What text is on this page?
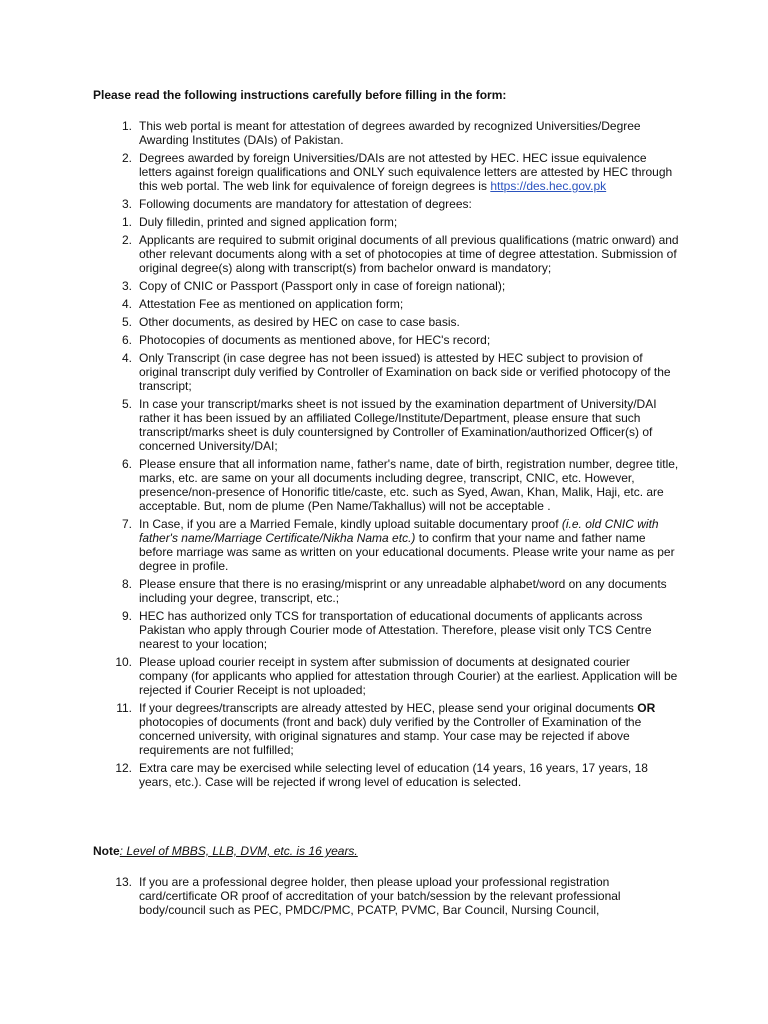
Please read the following instructions carefully before filling in the form:

1. This web portal is meant for attestation of degrees awarded by recognized Universities/Degree Awarding Institutes (DAIs) of Pakistan.
2. Degrees awarded by foreign Universities/DAIs are not attested by HEC. HEC issue equivalence letters against foreign qualifications and ONLY such equivalence letters are attested by HEC through this web portal. The web link for equivalence of foreign degrees is https://des.hec.gov.pk
3. Following documents are mandatory for attestation of degrees:
1. Duly filledin, printed and signed application form;
2. Applicants are required to submit original documents of all previous qualifications (matric onward) and other relevant documents along with a set of photocopies at time of degree attestation. Submission of original degree(s) along with transcript(s) from bachelor onward is mandatory;
3. Copy of CNIC or Passport (Passport only in case of foreign national);
4. Attestation Fee as mentioned on application form;
5. Other documents, as desired by HEC on case to case basis.
6. Photocopies of documents as mentioned above, for HEC's record;
4. Only Transcript (in case degree has not been issued) is attested by HEC subject to provision of original transcript duly verified by Controller of Examination on back side or verified photocopy of the transcript;
5. In case your transcript/marks sheet is not issued by the examination department of University/DAI rather it has been issued by an affiliated College/Institute/Department, please ensure that such transcript/marks sheet is duly countersigned by Controller of Examination/authorized Officer(s) of concerned University/DAI;
6. Please ensure that all information name, father's name, date of birth, registration number, degree title, marks, etc. are same on your all documents including degree, transcript, CNIC, etc. However, presence/non-presence of Honorific title/caste, etc. such as Syed, Awan, Khan, Malik, Haji, etc. are acceptable. But, nom de plume (Pen Name/Takhallus) will not be acceptable .
7. In Case, if you are a Married Female, kindly upload suitable documentary proof (i.e. old CNIC with father's name/Marriage Certificate/Nikha Nama etc.) to confirm that your name and father name before marriage was same as written on your educational documents. Please write your name as per degree in profile.
8. Please ensure that there is no erasing/misprint or any unreadable alphabet/word on any documents including your degree, transcript, etc.;
9. HEC has authorized only TCS for transportation of educational documents of applicants across Pakistan who apply through Courier mode of Attestation. Therefore, please visit only TCS Centre nearest to your location;
10. Please upload courier receipt in system after submission of documents at designated courier company (for applicants who applied for attestation through Courier) at the earliest. Application will be rejected if Courier Receipt is not uploaded;
11. If your degrees/transcripts are already attested by HEC, please send your original documents OR photocopies of documents (front and back) duly verified by the Controller of Examination of the concerned university, with original signatures and stamp. Your case may be rejected if above requirements are not fulfilled;
12. Extra care may be exercised while selecting level of education (14 years, 16 years, 17 years, 18 years, etc.). Case will be rejected if wrong level of education is selected.
Note: Level of MBBS, LLB, DVM, etc. is 16 years.
13. If you are a professional degree holder, then please upload your professional registration card/certificate OR proof of accreditation of your batch/session by the relevant professional body/council such as PEC, PMDC/PMC, PCATP, PVMC, Bar Council, Nursing Council,
